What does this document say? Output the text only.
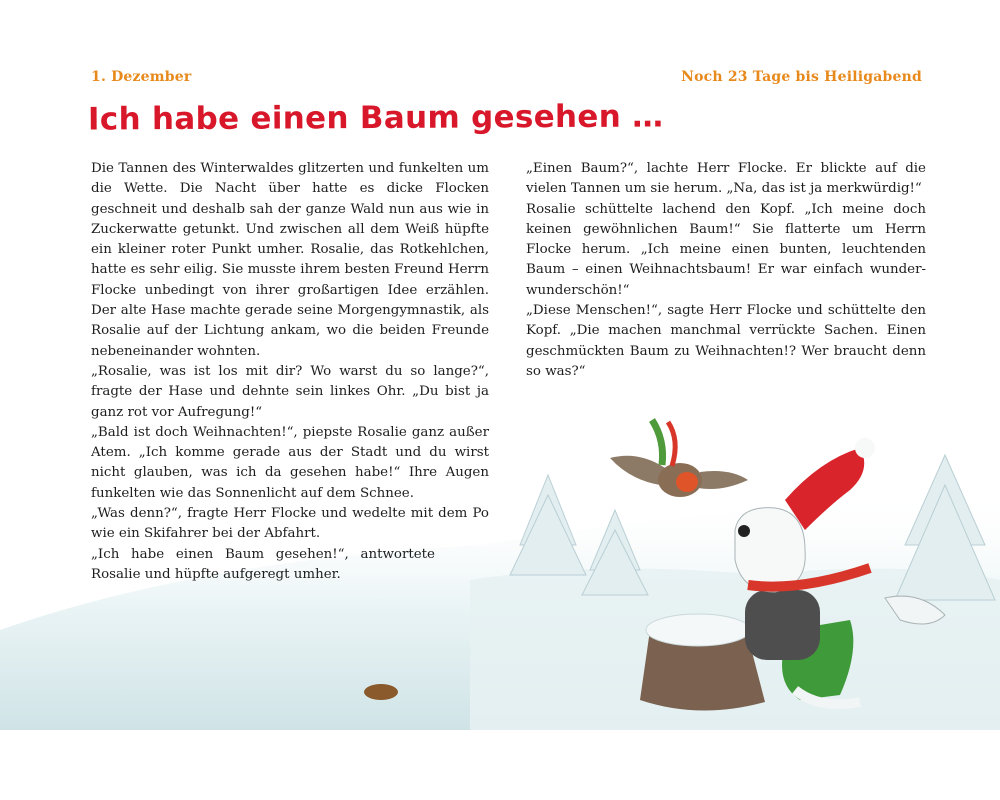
1. Dezember	Noch 23 Tage bis Heiligabend
Ich habe einen Baum gesehen …

Die Tannen des Winterwaldes glitzerten und funkelten um die Wette. Die Nacht über hatte es dicke Flocken geschneit und deshalb sah der ganze Wald nun aus wie in Zuckerwatte getunkt. Und zwischen all dem Weiß hüpfte ein kleiner roter Punkt umher. Rosalie, das Rotkehlchen, hatte es sehr eilig. Sie musste ihrem besten Freund Herrn Flocke unbedingt von ihrer großartigen Idee erzählen. Der alte Hase machte gerade seine Morgengymnastik, als Rosalie auf der Lichtung ankam, wo die beiden Freunde nebeneinander wohnten.

„Rosalie, was ist los mit dir? Wo warst du so lange?“, fragte der Hase und dehnte sein linkes Ohr. „Du bist ja ganz rot vor Aufregung!“

„Bald ist doch Weihnachten!“, piepste Rosalie ganz außer Atem. „Ich komme gerade aus der Stadt und du wirst nicht glauben, was ich da gesehen habe!“ Ihre Augen funkelten wie das Sonnenlicht auf dem Schnee.

„Was denn?“, fragte Herr Flocke und wedelte mit dem Po wie ein Skifahrer bei der Abfahrt.

„Ich habe einen Baum gesehen!“, antwortete Rosalie und hüpfte aufgeregt umher.

„Einen Baum?“, lachte Herr Flocke. Er blickte auf die vielen Tannen um sie herum. „Na, das ist ja merkwürdig!“

Rosalie schüttelte lachend den Kopf. „Ich meine doch keinen gewöhnlichen Baum!“ Sie flatterte um Herrn Flocke herum. „Ich meine einen bunten, leuchtenden Baum – einen Weihnachtsbaum! Er war einfach wunder-wunderschön!“

„Diese Menschen!“, sagte Herr Flocke und schüttelte den Kopf. „Die machen manchmal verrückte Sachen. Einen geschmückten Baum zu Weihnachten!? Wer braucht denn so was?“
